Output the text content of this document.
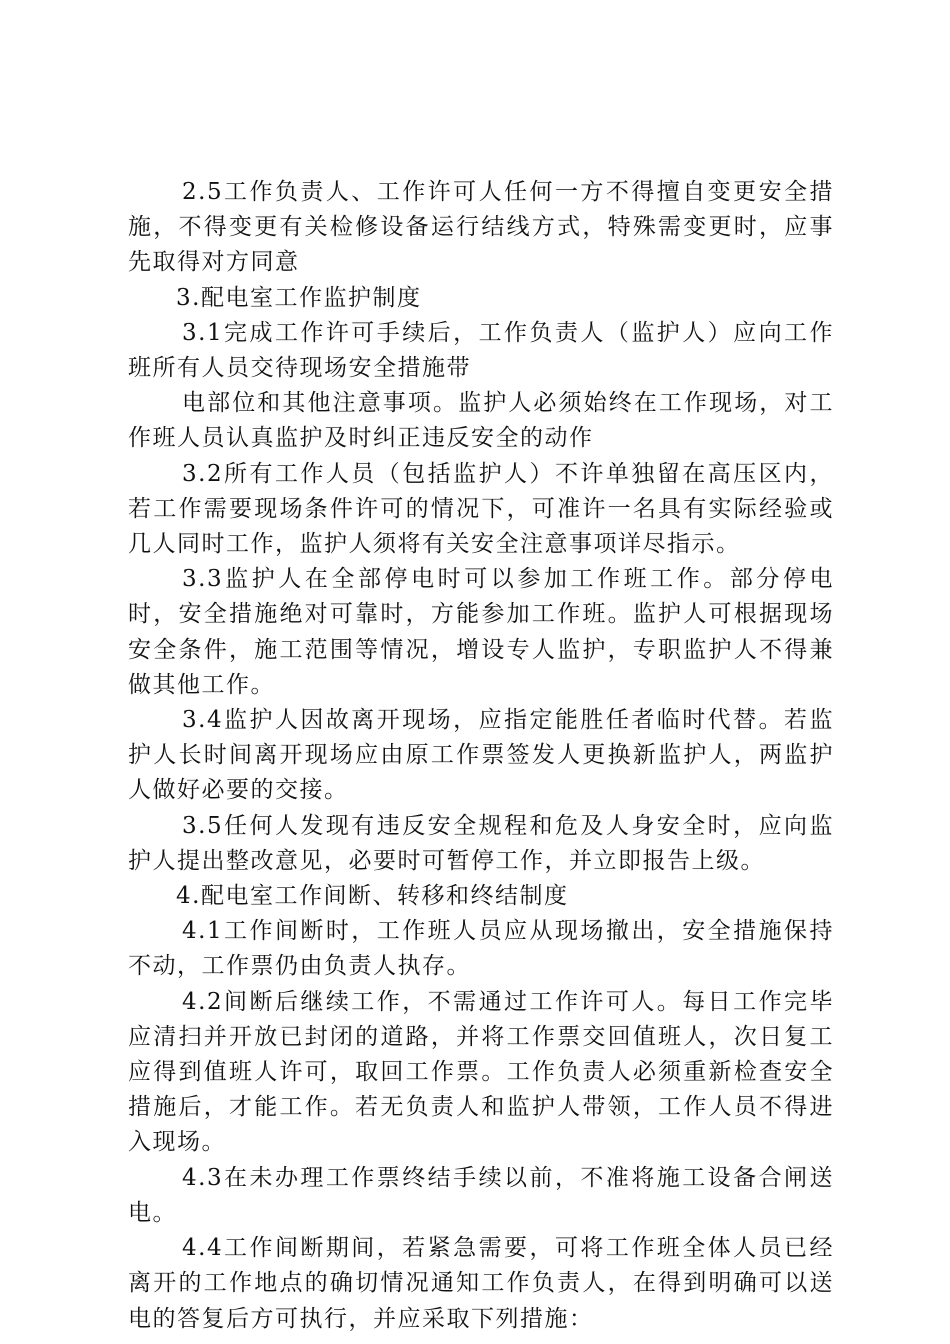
2.5工作负责人、工作许可人任何一方不得擅自变更安全措施，不得变更有关检修设备运行结线方式，特殊需变更时，应事先取得对方同意

3.配电室工作监护制度

3.1完成工作许可手续后，工作负责人（监护人）应向工作班所有人员交待现场安全措施带

电部位和其他注意事项。监护人必须始终在工作现场，对工作班人员认真监护及时纠正违反安全的动作

3.2所有工作人员（包括监护人）不许单独留在高压区内，若工作需要现场条件许可的情况下，可准许一名具有实际经验或几人同时工作，监护人须将有关安全注意事项详尽指示。

3.3监护人在全部停电时可以参加工作班工作。部分停电时，安全措施绝对可靠时，方能参加工作班。监护人可根据现场安全条件，施工范围等情况，增设专人监护，专职监护人不得兼做其他工作。

3.4监护人因故离开现场，应指定能胜任者临时代替。若监护人长时间离开现场应由原工作票签发人更换新监护人，两监护人做好必要的交接。

3.5任何人发现有违反安全规程和危及人身安全时，应向监护人提出整改意见，必要时可暂停工作，并立即报告上级。

4.配电室工作间断、转移和终结制度

4.1工作间断时，工作班人员应从现场撤出，安全措施保持不动，工作票仍由负责人执存。

4.2间断后继续工作，不需通过工作许可人。每日工作完毕应清扫并开放已封闭的道路，并将工作票交回值班人，次日复工应得到值班人许可，取回工作票。工作负责人必须重新检查安全措施后，才能工作。若无负责人和监护人带领，工作人员不得进入现场。

4.3在未办理工作票终结手续以前，不准将施工设备合闸送电。

4.4工作间断期间，若紧急需要，可将工作班全体人员已经离开的工作地点的确切情况通知工作负责人，在得到明确可以送电的答复后方可执行，并应采取下列措施：
